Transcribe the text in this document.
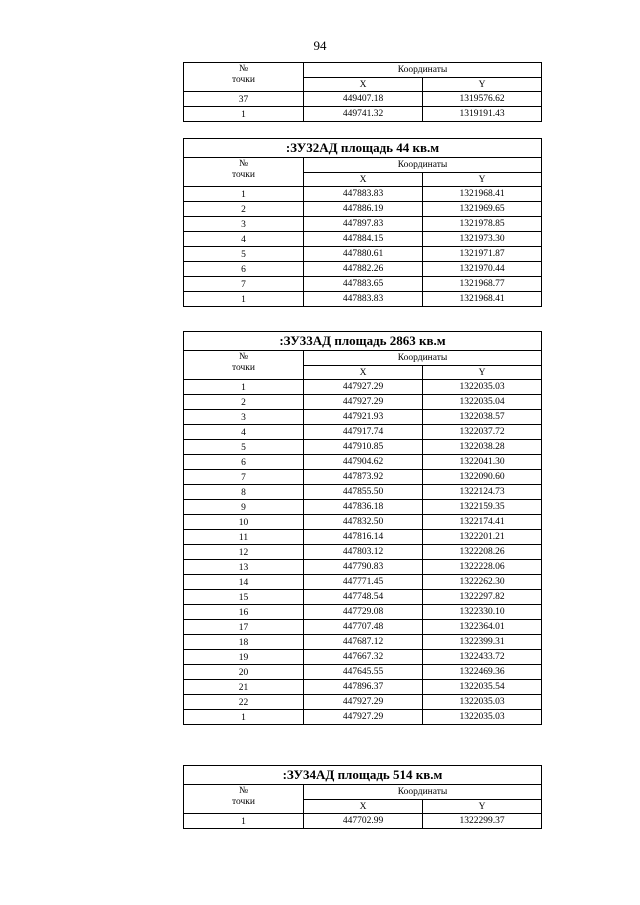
94
№
точки	Координаты	
	X	Y
37	449407.18	1319576.62
1	449741.32	1319191.43
:ЗУ32АД площадь 44 кв.м		
№
точки	Координаты	
	X	Y
1	447883.83	1321968.41
2	447886.19	1321969.65
3	447897.83	1321978.85
4	447884.15	1321973.30
5	447880.61	1321971.87
6	447882.26	1321970.44
7	447883.65	1321968.77
1	447883.83	1321968.41
:ЗУ33АД площадь 2863 кв.м		
№
точки	Координаты	
	X	Y
1	447927.29	1322035.03
2	447927.29	1322035.04
3	447921.93	1322038.57
4	447917.74	1322037.72
5	447910.85	1322038.28
6	447904.62	1322041.30
7	447873.92	1322090.60
8	447855.50	1322124.73
9	447836.18	1322159.35
10	447832.50	1322174.41
11	447816.14	1322201.21
12	447803.12	1322208.26
13	447790.83	1322228.06
14	447771.45	1322262.30
15	447748.54	1322297.82
16	447729.08	1322330.10
17	447707.48	1322364.01
18	447687.12	1322399.31
19	447667.32	1322433.72
20	447645.55	1322469.36
21	447896.37	1322035.54
22	447927.29	1322035.03
1	447927.29	1322035.03
:ЗУ34АД площадь 514 кв.м		
№
точки	Координаты	
	X	Y
1	447702.99	1322299.37
